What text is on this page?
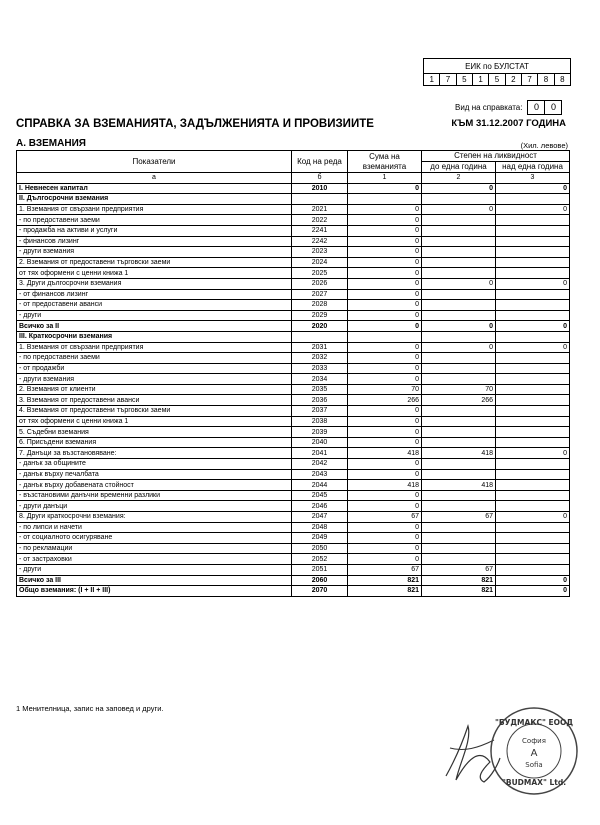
ЕИК по БУЛСТАТ
1	7	5	1	5	2	7	8	8
Вид на справката:	0	0
СПРАВКА ЗА ВЗЕМАНИЯТА, ЗАДЪЛЖЕНИЯТА И ПРОВИЗИИТЕ	КЪМ 31.12.2007 ГОДИНА
А. ВЗЕМАНИЯ	(Хил. левове)
Показатели	Код на реда	Сума на вземанията	Степен на ликвидност	
			до една година	над една година
а	б	1	2	3
I. Невнесен капитал	2010	0	0	0
II. Дългосрочни вземания				
1. Вземания от свързани предприятия	2021	0	0	0
- по предоставени заеми	2022	0		
- продажба на активи и услуги	2241	0		
- финансов лизинг	2242	0		
- други вземания	2023	0		
2. Вземания от предоставени търговски заеми	2024	0		
от тях оформени с ценни книжа 1	2025	0		
3. Други дългосрочни вземания	2026	0	0	0
- от финансов лизинг	2027	0		
- от предоставени аванси	2028	0		
- други	2029	0		
Всичко за II	2020	0	0	0
III. Краткосрочни вземания				
1. Вземания от свързани предприятия	2031	0	0	0
- по предоставени заеми	2032	0		
- от продажби	2033	0		
- други вземания	2034	0		
2. Вземания от клиенти	2035	70	70	
3. Вземания от предоставени аванси	2036	266	266	
4. Вземания от предоставени търговски заеми	2037	0		
от тях оформени с ценни книжа 1	2038	0		
5. Съдебни вземания	2039	0		
6. Присъдени вземания	2040	0		
7. Данъци за възстановяване:	2041	418	418	0
- данък за общините	2042	0		
- данък върху печалбата	2043	0		
- данък върху добавената стойност	2044	418	418	
- възстановими данъчни временни разлики	2045	0		
- други данъци	2046	0		
8. Други краткосрочни вземания:	2047	67	67	0
- по липси и начети	2048	0		
- от социалното осигуряване	2049	0		
- по рекламации	2050	0		
- от застраховки	2052	0		
- други	2051	67	67	
Всичко за III	2060	821	821	0
Общо вземания: (I + II + III)	2070	821	821	0
1 Менителница, запис на заповед и други.
"БУДМАКС" ЕООД
"BUDMAX" Ltd.
София
А
Sofia
